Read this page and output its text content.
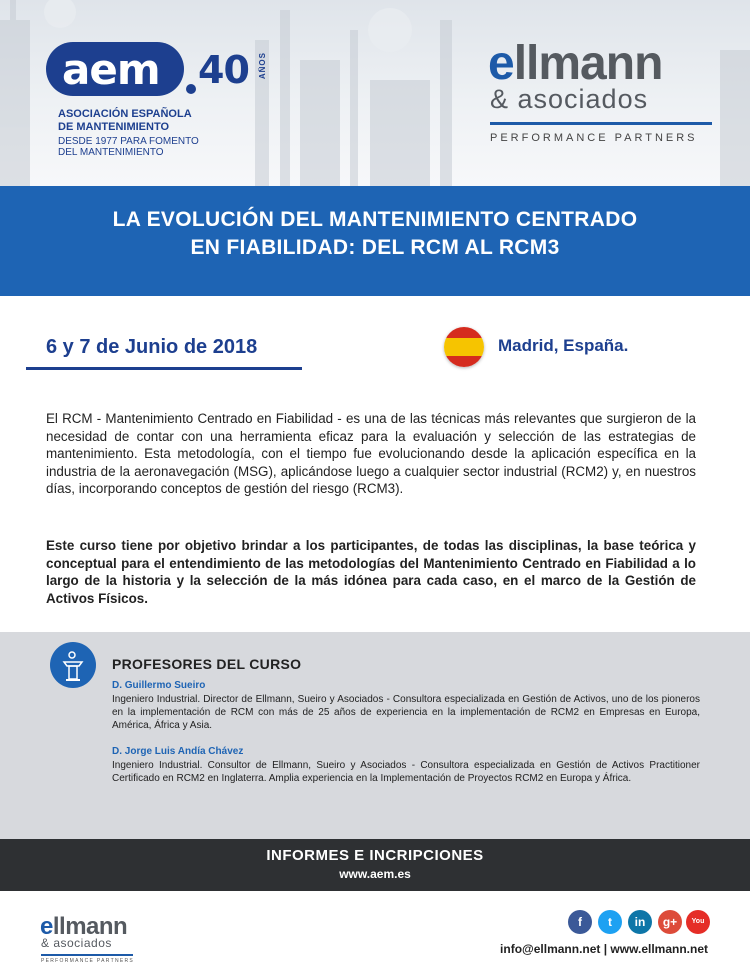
aem 40 AÑOS
ASOCIACIÓN ESPAÑOLA
DE MANTENIMIENTO
DESDE 1977 PARA FOMENTO
DEL MANTENIMIENTO
ellmann
& asociados
PERFORMANCE PARTNERS
LA EVOLUCIÓN DEL MANTENIMIENTO CENTRADO
EN FIABILIDAD: DEL RCM AL RCM3
6 y 7 de Junio de 2018	Madrid, España.

El RCM - Mantenimiento Centrado en Fiabilidad - es una de las técnicas más relevantes que surgieron de la necesidad de contar con una herramienta eficaz para la evaluación y selección de las estrategias de mantenimiento. Esta metodología, con el tiempo fue evolucionando desde la aplicación específica en la industria de la aeronavegación (MSG), aplicándose luego a cualquier sector industrial (RCM2) y, en nuestros días, incorporando conceptos de gestión del riesgo (RCM3).

Este curso tiene por objetivo brindar a los participantes, de todas las disciplinas, la base teórica y conceptual para el entendimiento de las metodologías del Mantenimiento Centrado en Fiabilidad a lo largo de la historia y la selección de la más idónea para cada caso, en el marco de la Gestión de Activos Físicos.

PROFESORES DEL CURSO
D. Guillermo Sueiro
Ingeniero Industrial. Director de Ellmann, Sueiro y Asociados - Consultora especializada en Gestión de Activos, uno de los pioneros en la implementación de RCM con más de 25 años de experiencia en la implementación de RCM2 en Empresas en Europa, América, África y Asia.
D. Jorge Luis Andía Chávez
Ingeniero Industrial. Consultor de Ellmann, Sueiro y Asociados - Consultora especializada en Gestión de Activos Practitioner Certificado en RCM2 en Inglaterra. Amplia experiencia en la Implementación de Proyectos RCM2 en Europa y África.
INFORMES E INCRIPCIONES
www.aem.es
ellmann
& asociados
PERFORMANCE PARTNERS
f	t	in	g+	You
info@ellmann.net | www.ellmann.net
